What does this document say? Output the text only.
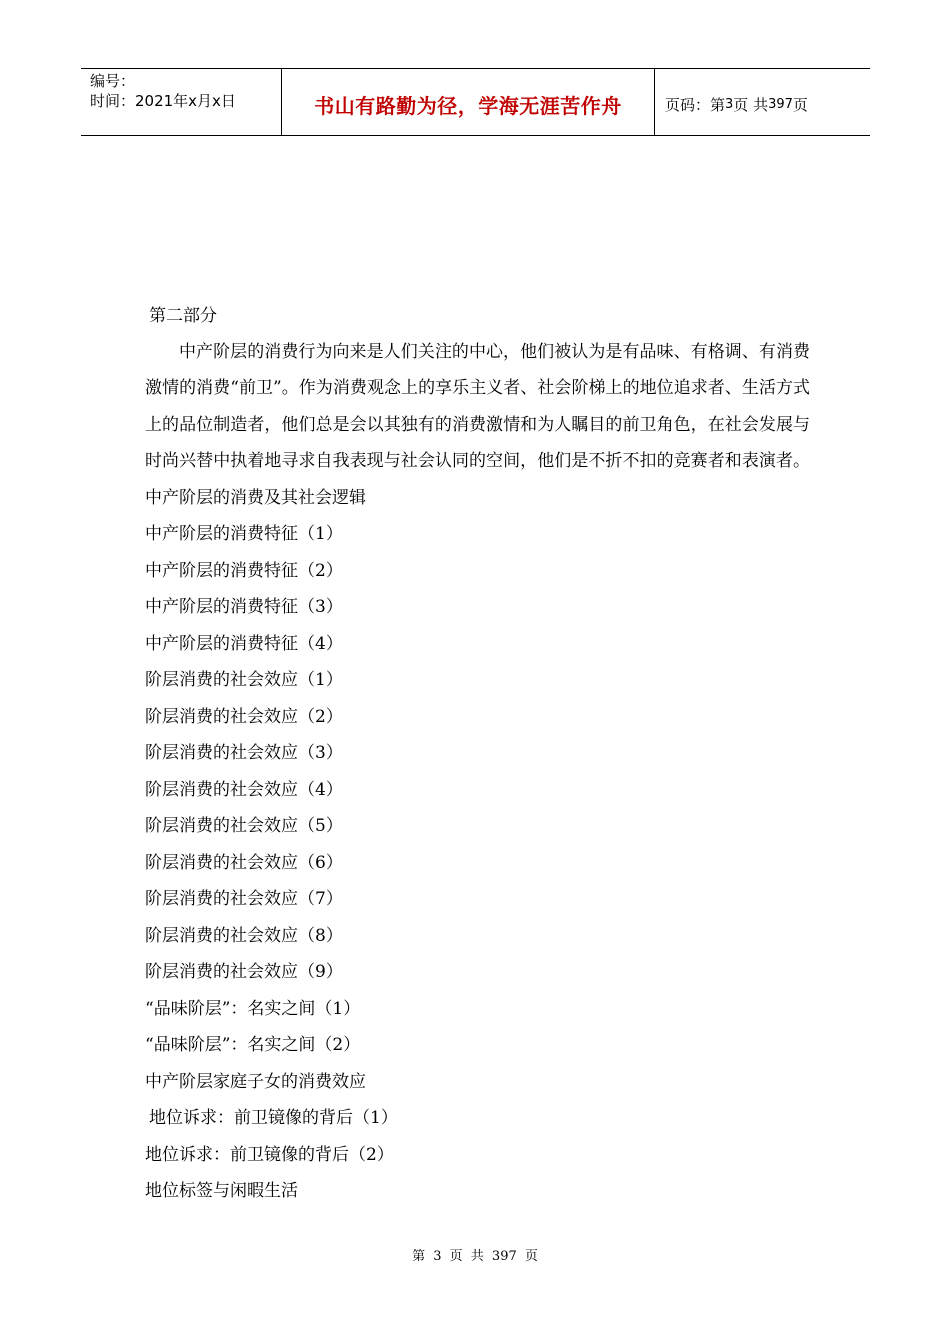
编号：
时间：2021年x月x日	书山有路勤为径，学海无涯苦作舟	页码：第 3 页 共 397 页
第二部分

中产阶层的消费行为向来是人们关注的中心，他们被认为是有品味、有格调、有消费激情的消费“前卫”。作为消费观念上的享乐主义者、社会阶梯上的地位追求者、生活方式上的品位制造者，他们总是会以其独有的消费激情和为人瞩目的前卫角色，在社会发展与时尚兴替中执着地寻求自我表现与社会认同的空间，他们是不折不扣的竞赛者和表演者。 中产阶层的消费及其社会逻辑

中产阶层的消费特征（1）
中产阶层的消费特征（2）
中产阶层的消费特征（3）
中产阶层的消费特征（4）
阶层消费的社会效应（1）
阶层消费的社会效应（2）
阶层消费的社会效应（3）
阶层消费的社会效应（4）
阶层消费的社会效应（5）
阶层消费的社会效应（6）
阶层消费的社会效应（7）
阶层消费的社会效应（8）
阶层消费的社会效应（9）
“品味阶层”：名实之间（1）
“品味阶层”：名实之间（2）
中产阶层家庭子女的消费效应
地位诉求：前卫镜像的背后（1）
地位诉求：前卫镜像的背后（2）
地位标签与闲暇生活
第 3 页 共 397 页
